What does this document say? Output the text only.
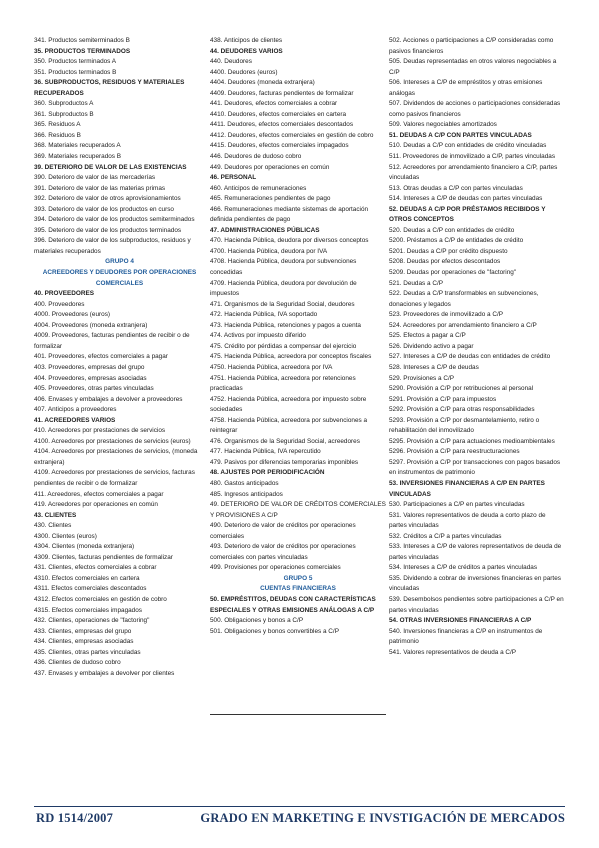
341. Productos semiterminados B
35. PRODUCTOS TERMINADOS
350. Productos terminados A
351. Productos terminados B
36. SUBPRODUCTOS, RESIDUOS Y MATERIALES RECUPERADOS
360. Subproductos A
361. Subproductos B
365. Residuos A
366. Residuos B
368. Materiales recuperados A
369. Materiales recuperados B
39. DETERIORO DE VALOR DE LAS EXISTENCIAS
390. Deterioro de valor de las mercaderías
391. Deterioro de valor de las materias primas
392. Deterioro de valor de otros aprovisionamientos
393. Deterioro de valor de los productos en curso
394. Deterioro de valor de los productos semiterminados
395. Deterioro de valor de los productos terminados
396. Deterioro de valor de los subproductos, residuos y materiales recuperados
GRUPO 4
ACREEDORES Y DEUDORES POR OPERACIONES COMERCIALES
40. PROVEEDORES
400. Proveedores
4000. Proveedores (euros)
4004. Proveedores (moneda extranjera)
4009. Proveedores, facturas pendientes de recibir o de formalizar
401. Proveedores, efectos comerciales a pagar
403. Proveedores, empresas del grupo
404. Proveedores, empresas asociadas
405. Proveedores, otras partes vinculadas
406. Envases y embalajes a devolver a proveedores
407. Anticipos a proveedores
41. ACREEDORES VARIOS
410. Acreedores por prestaciones de servicios
4100. Acreedores por prestaciones de servicios (euros)
4104. Acreedores por prestaciones de servicios, (moneda extranjera)
4109. Acreedores por prestaciones de servicios, facturas pendientes de recibir o de formalizar
411. Acreedores, efectos comerciales a pagar
419. Acreedores por operaciones en común
43. CLIENTES
430. Clientes
4300. Clientes (euros)
4304. Clientes (moneda extranjera)
4309. Clientes, facturas pendientes de formalizar
431. Clientes, efectos comerciales a cobrar
4310. Efectos comerciales en cartera
4311. Efectos comerciales descontados
4312. Efectos comerciales en gestión de cobro
4315. Efectos comerciales impagados
432. Clientes, operaciones de "factoring"
433. Clientes, empresas del grupo
434. Clientes, empresas asociadas
435. Clientes, otras partes vinculadas
436. Clientes de dudoso cobro
437. Envases y embalajes a devolver por clientes
438. Anticipos de clientes
44. DEUDORES VARIOS
440. Deudores
4400. Deudores (euros)
4404. Deudores (moneda extranjera)
4409. Deudores, facturas pendientes de formalizar
441. Deudores, efectos comerciales a cobrar
4410. Deudores, efectos comerciales en cartera
4411. Deudores, efectos comerciales descontados
4412. Deudores, efectos comerciales en gestión de cobro
4415. Deudores, efectos comerciales impagados
446. Deudores de dudoso cobro
449. Deudores por operaciones en común
46. PERSONAL
460. Anticipos de remuneraciones
465. Remuneraciones pendientes de pago
466. Remuneraciones mediante sistemas de aportación definida pendientes de pago
47. ADMINISTRACIONES PÚBLICAS
470. Hacienda Pública, deudora por diversos conceptos
4700. Hacienda Pública, deudora por IVA
4708. Hacienda Pública, deudora por subvenciones concedidas
4709. Hacienda Pública, deudora por devolución de impuestos
471. Organismos de la Seguridad Social, deudores
472. Hacienda Pública, IVA soportado
473. Hacienda Pública, retenciones y pagos a cuenta
474. Activos por impuesto diferido
475. Crédito por pérdidas a compensar del ejercicio
475. Hacienda Pública, acreedora por conceptos fiscales
4750. Hacienda Pública, acreedora por IVA
4751. Hacienda Pública, acreedora por retenciones practicadas
4752. Hacienda Pública, acreedora por impuesto sobre sociedades
4758. Hacienda Pública, acreedora por subvenciones a reintegrar
476. Organismos de la Seguridad Social, acreedores
477. Hacienda Pública, IVA repercutido
479. Pasivos por diferencias temporarias imponibles
48. AJUSTES POR PERIODIFICACIÓN
480. Gastos anticipados
485. Ingresos anticipados
49. DETERIORO DE VALOR DE CRÉDITOS COMERCIALES Y PROVISIONES A C/P
490. Deterioro de valor de créditos por operaciones comerciales
493. Deterioro de valor de créditos por operaciones comerciales con partes vinculadas
499. Provisiones por operaciones comerciales
GRUPO 5
CUENTAS FINANCIERAS
50. EMPRÉSTITOS, DEUDAS CON CARACTERÍSTICAS ESPECIALES Y OTRAS EMISIONES ANÁLOGAS A C/P
500. Obligaciones y bonos a C/P
501. Obligaciones y bonos convertibles a C/P
502. Acciones o participaciones a C/P consideradas como pasivos financieros
505. Deudas representadas en otros valores negociables a C/P
506. Intereses a C/P de empréstitos y otras emisiones análogas
507. Dividendos de acciones o participaciones consideradas como pasivos financieros
509. Valores negociables amortizados
51. DEUDAS A C/P CON PARTES VINCULADAS
510. Deudas a C/P con entidades de crédito vinculadas
511. Proveedores de inmovilizado a C/P, partes vinculadas
512. Acreedores por arrendamiento financiero a C/P, partes vinculadas
513. Otras deudas a C/P con partes vinculadas
514. Intereses a C/P de deudas con partes vinculadas
52. DEUDAS A C/P POR PRÉSTAMOS RECIBIDOS Y OTROS CONCEPTOS
520. Deudas a C/P con entidades de crédito
5200. Préstamos a C/P de entidades de crédito
5201. Deudas a C/P por crédito dispuesto
5208. Deudas por efectos descontados
5209. Deudas por operaciones de "factoring"
521. Deudas a C/P
522. Deudas a C/P transformables en subvenciones, donaciones y legados
523. Proveedores de inmovilizado a C/P
524. Acreedores por arrendamiento financiero a C/P
525. Efectos a pagar a C/P
526. Dividendo activo a pagar
527. Intereses a C/P de deudas con entidades de crédito
528. Intereses a C/P de deudas
529. Provisiones a C/P
5290. Provisión a C/P por retribuciones al personal
5291. Provisión a C/P para impuestos
5292. Provisión a C/P para otras responsabilidades
5293. Provisión a C/P por desmantelamiento, retiro o rehabilitación del inmovilizado
5295. Provisión a C/P para actuaciones medioambientales
5296. Provisión a C/P para reestructuraciones
5297. Provisión a C/P por transacciones con pagos basados en instrumentos de patrimonio
53. INVERSIONES FINANCIERAS A C/P EN PARTES VINCULADAS
530. Participaciones a C/P en partes vinculadas
531. Valores representativos de deuda a corto plazo de partes vinculadas
532. Créditos a C/P a partes vinculadas
533. Intereses a C/P de valores representativos de deuda de partes vinculadas
534. Intereses a C/P de créditos a partes vinculadas
535. Dividendo a cobrar de inversiones financieras en partes vinculadas
539. Desembolsos pendientes sobre participaciones a C/P en partes vinculadas
54. OTRAS INVERSIONES FINANCIERAS A C/P
540. Inversiones financieras a C/P en instrumentos de patrimonio
541. Valores representativos de deuda a C/P
RD 1514/2007	GRADO EN MARKETING E INVSTIGACIÓN DE MERCADOS
